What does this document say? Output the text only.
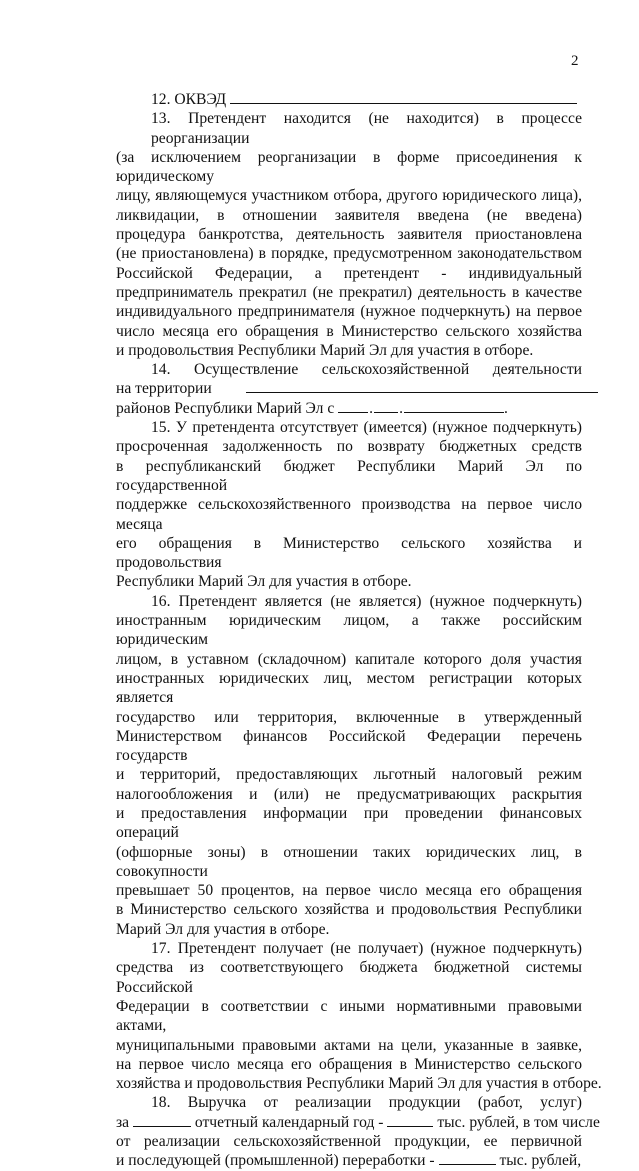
2
12. ОКВЭД
13. Претендент находится (не находится) в процессе реорганизации
(за исключением реорганизации в форме присоединения к юридическому
лицу, являющемуся участником отбора, другого юридического лица),
ликвидации, в отношении заявителя введена (не введена)
процедура банкротства, деятельность заявителя приостановлена
(не приостановлена) в порядке, предусмотренном законодательством
Российской Федерации, а претендент - индивидуальный
предприниматель прекратил (не прекратил) деятельность в качестве
индивидуального предпринимателя (нужное подчеркнуть) на первое
число месяца его обращения в Министерство сельского хозяйства
и продовольствия Республики Марий Эл для участия в отборе.
14. Осуществление сельскохозяйственной деятельности
на территории
районов Республики Марий Эл с . .	.
15. У претендента отсутствует (имеется) (нужное подчеркнуть)
просроченная задолженность по возврату бюджетных средств
в республиканский бюджет Республики Марий Эл по государственной
поддержке сельскохозяйственного производства на первое число месяца
его обращения в Министерство сельского хозяйства и продовольствия
Республики Марий Эл для участия в отборе.
16. Претендент является (не является) (нужное подчеркнуть)
иностранным юридическим лицом, а также российским юридическим
лицом, в уставном (складочном) капитале которого доля участия
иностранных юридических лиц, местом регистрации которых является
государство или территория, включенные в утвержденный
Министерством финансов Российской Федерации перечень государств
и территорий, предоставляющих льготный налоговый режим
налогообложения и (или) не предусматривающих раскрытия
и предоставления информации при проведении финансовых операций
(офшорные зоны) в отношении таких юридических лиц, в совокупности
превышает 50 процентов, на первое число месяца его обращения
в Министерство сельского хозяйства и продовольствия Республики
Марий Эл для участия в отборе.
17. Претендент получает (не получает) (нужное подчеркнуть)
средства из соответствующего бюджета бюджетной системы Российской
Федерации в соответствии с иными нормативными правовыми актами,
муниципальными правовыми актами на цели, указанные в заявке,
на первое число месяца его обращения в Министерство сельского
хозяйства и продовольствия Республики Марий Эл для участия в отборе.
18. Выручка от реализации продукции (работ, услуг)
за	отчетный календарный год -	тыс. рублей, в том числе
от реализации сельскохозяйственной продукции, ее первичной
и последующей (промышленной) переработки -	тыс. рублей,
